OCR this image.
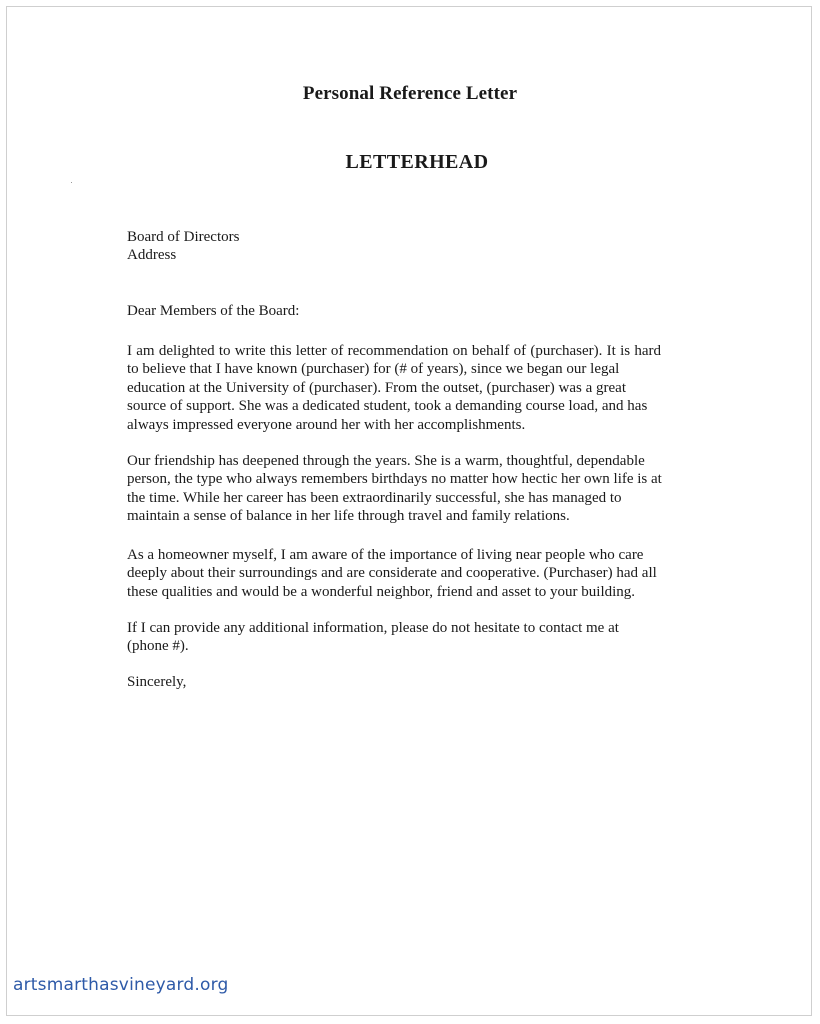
Personal Reference Letter
LETTERHEAD
Board of Directors
Address
Dear Members of the Board:
I am delighted to write this letter of recommendation on behalf of (purchaser). It is hard
to believe that I have known (purchaser) for (# of years), since we began our legal
education at the University of (purchaser). From the outset, (purchaser) was a great
source of support. She was a dedicated student, took a demanding course load, and has
always impressed everyone around her with her accomplishments.
Our friendship has deepened through the years. She is a warm, thoughtful, dependable
person, the type who always remembers birthdays no matter how hectic her own life is at
the time. While her career has been extraordinarily successful, she has managed to
maintain a sense of balance in her life through travel and family relations.
As a homeowner myself, I am aware of the importance of living near people who care
deeply about their surroundings and are considerate and cooperative. (Purchaser) had all
these qualities and would be a wonderful neighbor, friend and asset to your building.
If I can provide any additional information, please do not hesitate to contact me at
(phone #).
Sincerely,
artsmarthasvineyard.org
